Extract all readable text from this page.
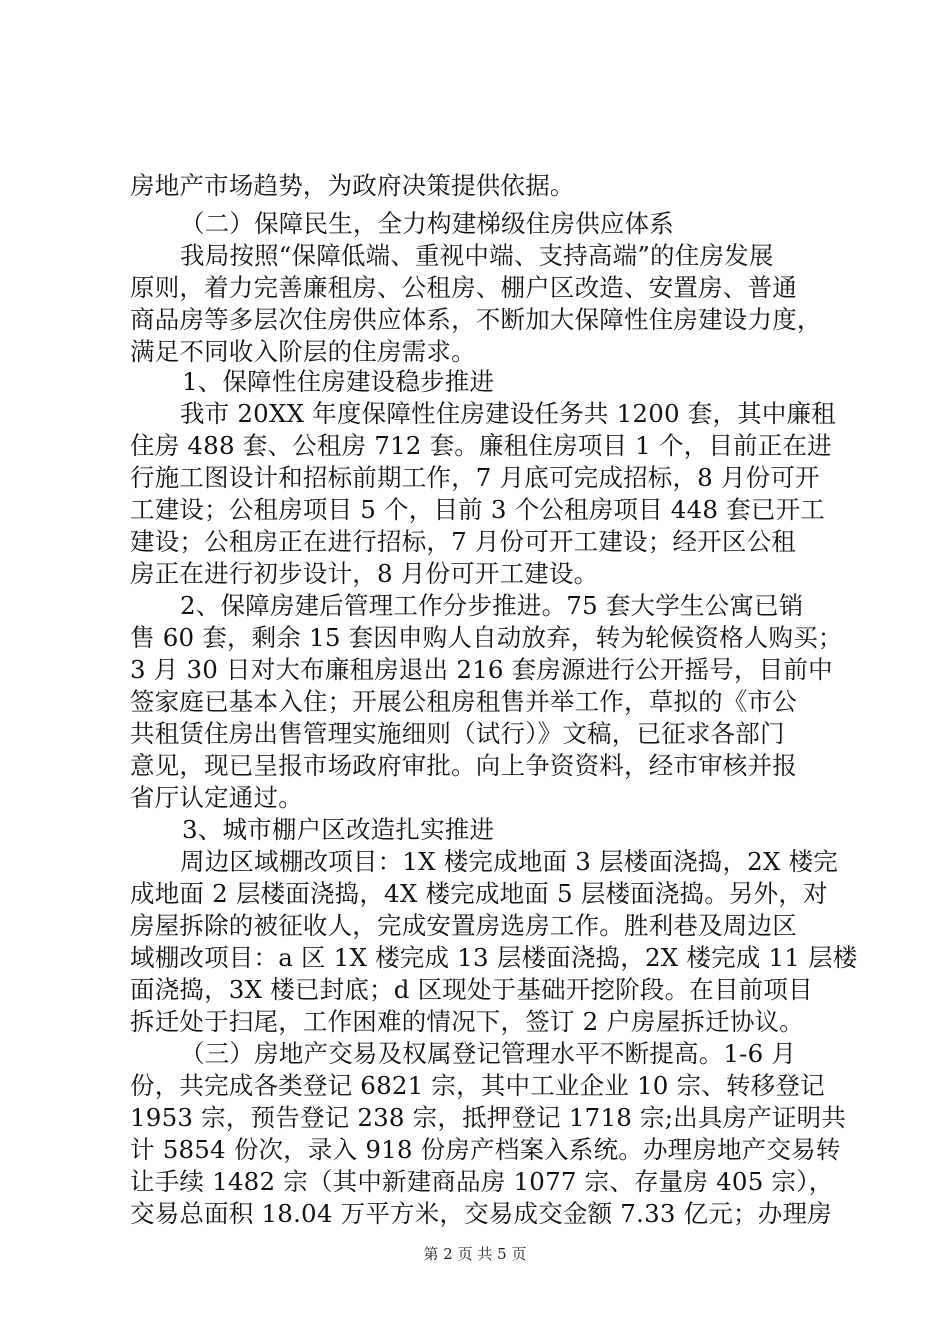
房地产市场趋势，为政府决策提供依据。
（二）保障民生，全力构建梯级住房供应体系
我局按照“保障低端、重视中端、支持高端”的住房发展
原则，着力完善廉租房、公租房、棚户区改造、安置房、普通
商品房等多层次住房供应体系，不断加大保障性住房建设力度，
满足不同收入阶层的住房需求。
1、保障性住房建设稳步推进
我市 20XX 年度保障性住房建设任务共 1200 套，其中廉租
住房 488 套、公租房 712 套。廉租住房项目 1 个，目前正在进
行施工图设计和招标前期工作，7 月底可完成招标，8 月份可开
工建设；公租房项目 5 个，目前 3 个公租房项目 448 套已开工
建设；公租房正在进行招标，7 月份可开工建设；经开区公租
房正在进行初步设计，8 月份可开工建设。
2、保障房建后管理工作分步推进。75 套大学生公寓已销
售 60 套，剩余 15 套因申购人自动放弃，转为轮候资格人购买；
3 月 30 日对大布廉租房退出 216 套房源进行公开摇号，目前中
签家庭已基本入住；开展公租房租售并举工作，草拟的《市公
共租赁住房出售管理实施细则（试行）》文稿，已征求各部门
意见，现已呈报市场政府审批。向上争资资料，经市审核并报
省厅认定通过。
3、城市棚户区改造扎实推进
周边区域棚改项目：1X 楼完成地面 3 层楼面浇捣，2X 楼完
成地面 2 层楼面浇捣，4X 楼完成地面 5 层楼面浇捣。另外，对
房屋拆除的被征收人，完成安置房选房工作。胜利巷及周边区
域棚改项目：a 区 1X 楼完成 13 层楼面浇捣，2X 楼完成 11 层楼
面浇捣，3X 楼已封底；d 区现处于基础开挖阶段。在目前项目
拆迁处于扫尾，工作困难的情况下，签订 2 户房屋拆迁协议。
（三）房地产交易及权属登记管理水平不断提高。1-6 月
份，共完成各类登记 6821 宗，其中工业企业 10 宗、转移登记
1953 宗，预告登记 238 宗，抵押登记 1718 宗;出具房产证明共
计 5854 份次，录入 918 份房产档案入系统。办理房地产交易转
让手续 1482 宗（其中新建商品房 1077 宗、存量房 405 宗），
交易总面积 18.04 万平方米，交易成交金额 7.33 亿元；办理房
第 2 页 共 5 页
